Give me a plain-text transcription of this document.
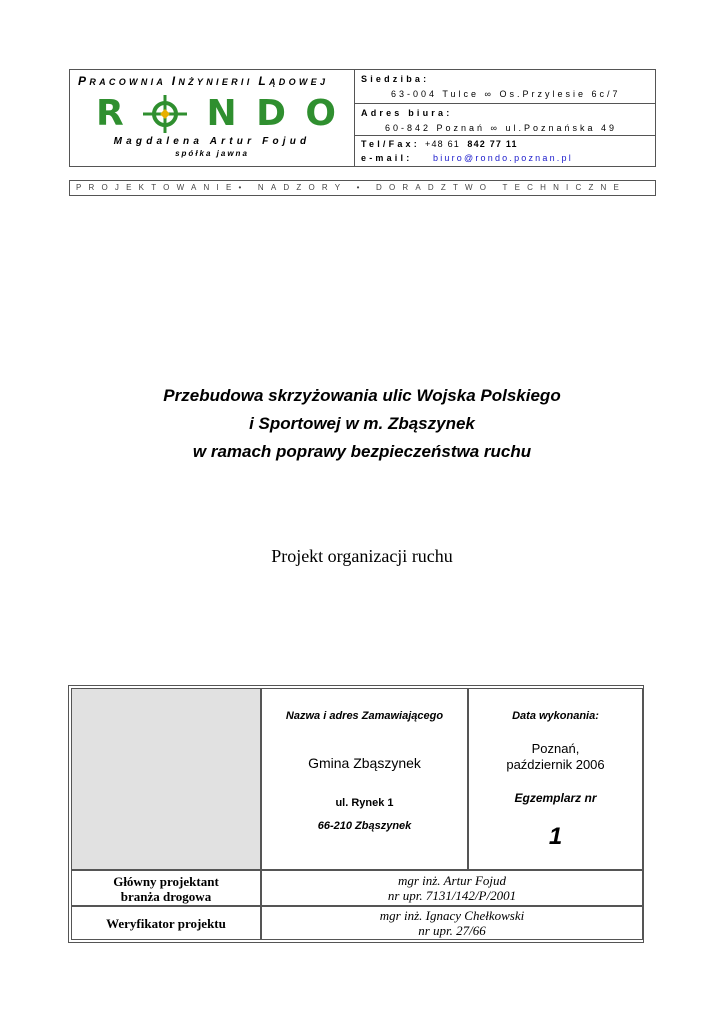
PRACOWNIA INŻYNIERII LĄDOWEJ
R N D O
Magdalena Artur Fojud
spółka jawna
Siedziba:
63-004 Tulce ∞ Os.Przylesie 6c/7
Adres biura:
60-842 Poznań ∞ ul.Poznańska 49
Tel/Fax: +48 61 842 77 11
e-mail: biuro@rondo.poznan.pl
PROJEKTOWANIE• NADZORY • DORADZTWO TECHNICZNE
Przebudowa skrzyżowania ulic Wojska Polskiego
i Sportowej w m. Zbąszynek
w ramach poprawy bezpieczeństwa ruchu
Projekt organizacji ruchu
Nazwa i adres Zamawiającego
Gmina Zbąszynek
ul. Rynek 1
66-210 Zbąszynek
Data wykonania:
Poznań,
październik 2006
Egzemplarz nr
1
Główny projektant
branża drogowa
mgr inż. Artur Fojud
nr upr. 7131/142/P/2001
Weryfikator projektu
mgr inż. Ignacy Chełkowski
nr upr. 27/66
